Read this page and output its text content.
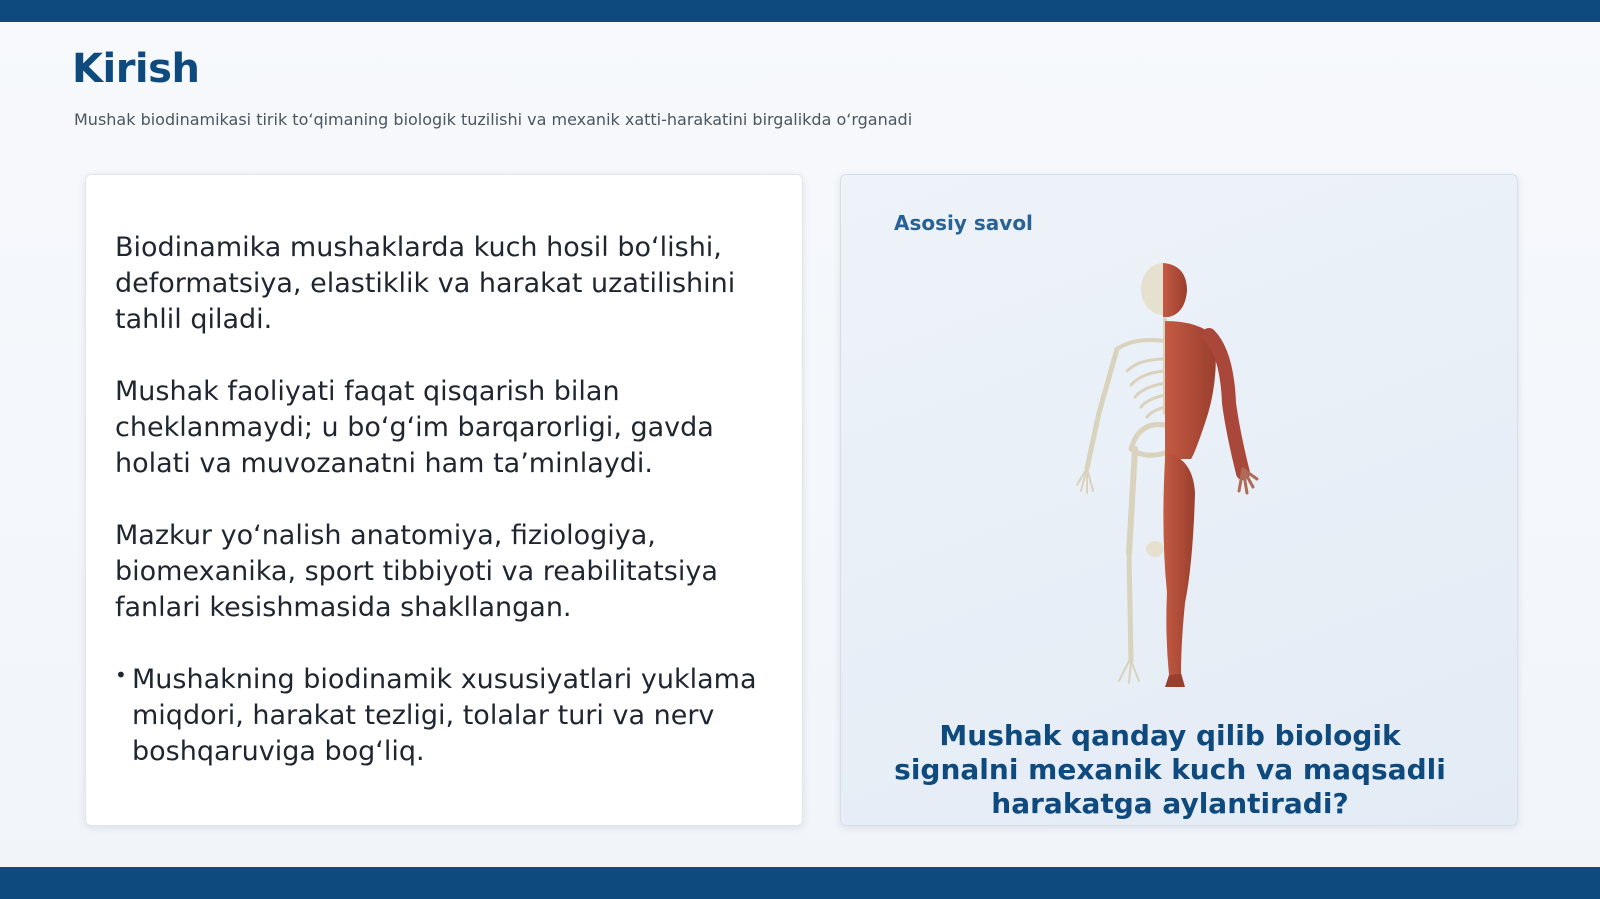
Kirish
Mushak biodinamikasi tirik to‘qimaning biologik tuzilishi va mexanik xatti-harakatini birgalikda o‘rganadi

Biodinamika mushaklarda kuch hosil bo‘lishi, deformatsiya, elastiklik va harakat uzatilishini tahlil qiladi.

Mushak faoliyati faqat qisqarish bilan cheklanmaydi; u bo‘g‘im barqarorligi, gavda holati va muvozanatni ham ta’minlaydi.

Mazkur yo‘nalish anatomiya, fiziologiya, biomexanika, sport tibbiyoti va reabilitatsiya fanlari kesishmasida shakllangan.

• Mushakning biodinamik xususiyatlari yuklama miqdori, harakat tezligi, tolalar turi va nerv boshqaruviga bog‘liq.
Asosiy savol
Mushak qanday qilib biologik signalni mexanik kuch va maqsadli harakatga aylantiradi?
